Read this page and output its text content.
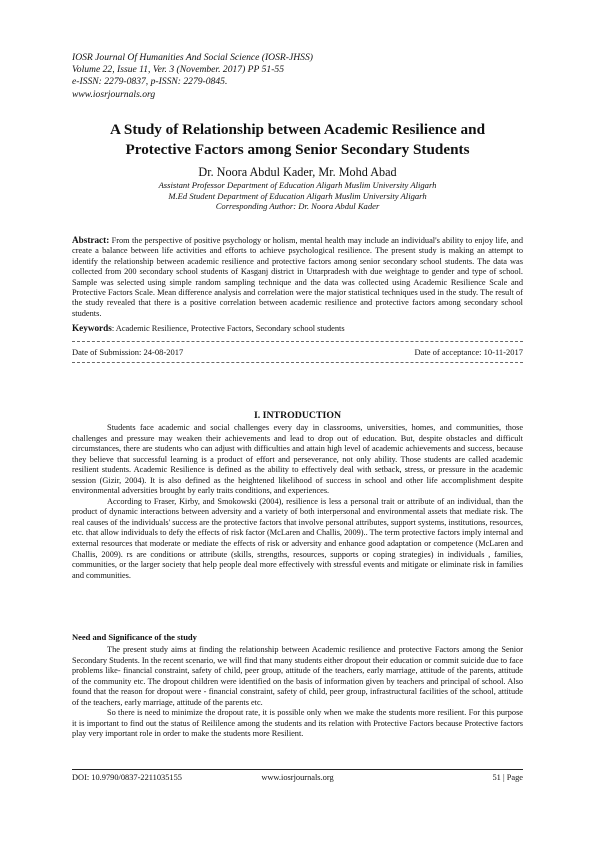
IOSR Journal Of Humanities And Social Science (IOSR-JHSS)
Volume 22, Issue 11, Ver. 3 (November. 2017) PP 51-55
e-ISSN: 2279-0837, p-ISSN: 2279-0845.
www.iosrjournals.org
A Study of Relationship between Academic Resilience and
Protective Factors among Senior Secondary Students
Dr. Noora Abdul Kader, Mr. Mohd Abad
Assistant Professor Department of Education Aligarh Muslim University Aligarh
M.Ed Student Department of Education Aligarh Muslim University Aligarh
Corresponding Author: Dr. Noora Abdul Kader
Abstract: From the perspective of positive psychology or holism, mental health may include an individual's ability to enjoy life, and create a balance between life activities and efforts to achieve psychological resilience. The present study is making an attempt to identify the relationship between academic resilience and protective factors among senior secondary school students. The data was collected from 200 secondary school students of Kasganj district in Uttarpradesh with due weightage to gender and type of school. Sample was selected using simple random sampling technique and the data was collected using Academic Resilience Scale and Protective Factors Scale. Mean difference analysis and correlation were the major statistical techniques used in the study. The result of the study revealed that there is a positive correlation between academic resilience and protective factors among secondary school students.
Keywords: Academic Resilience, Protective Factors, Secondary school students
Date of Submission: 24-08-2017	Date of acceptance: 10-11-2017
I. INTRODUCTION

Students face academic and social challenges every day in classrooms, universities, homes, and communities, those challenges and pressure may weaken their achievements and lead to drop out of education. But, despite obstacles and difficult circumstances, there are students who can adjust with difficulties and attain high level of academic achievements and success, because they believe that successful learning is a product of effort and perseverance, not only ability. Those students are called academic resilient students. Academic Resilience is defined as the ability to effectively deal with setback, stress, or pressure in the academic session (Gizir, 2004). It is also defined as the heightened likelihood of success in school and other life accomplishment despite environmental adversities brought by early traits conditions, and experiences.

According to Fraser, Kirby, and Smokowski (2004), resilience is less a personal trait or attribute of an individual, than the product of dynamic interactions between adversity and a variety of both interpersonal and environmental assets that mediate risk. The real causes of the individuals' success are the protective factors that involve personal attributes, support systems, institutions, resources, etc. that allow individuals to defy the effects of risk factor (McLaren and Challis, 2009).. The term protective factors imply internal and external resources that moderate or mediate the effects of risk or adversity and enhance good adaptation or competence (McLaren and Challis, 2009). rs are conditions or attribute (skills, strengths, resources, supports or coping strategies) in individuals , families, communities, or the larger society that help people deal more effectively with stressful events and mitigate or eliminate risk in families and communities.

Need and Significance of the study

The present study aims at finding the relationship between Academic resilience and protective Factors among the Senior Secondary Students. In the recent scenario, we will find that many students either dropout their education or commit suicide due to face problems like- financial constraint, safety of child, peer group, attitude of the teachers, early marriage, attitude of the parents, attitude of the community etc. The dropout children were identified on the basis of information given by teachers and principal of school. Also found that the reason for dropout were - financial constraint, safety of child, peer group, infrastructural facilities of the school, attitude of the teachers, early marriage, attitude of the parents etc.

So there is need to minimize the dropout rate, it is possible only when we make the students more resilient. For this purpose it is important to find out the status of Reililence among the students and its relation with Protective Factors because Protective factors play very important role in order to make the students more Resilient.

DOI: 10.9790/0837-2211035155	www.iosrjournals.org	51 | Page
